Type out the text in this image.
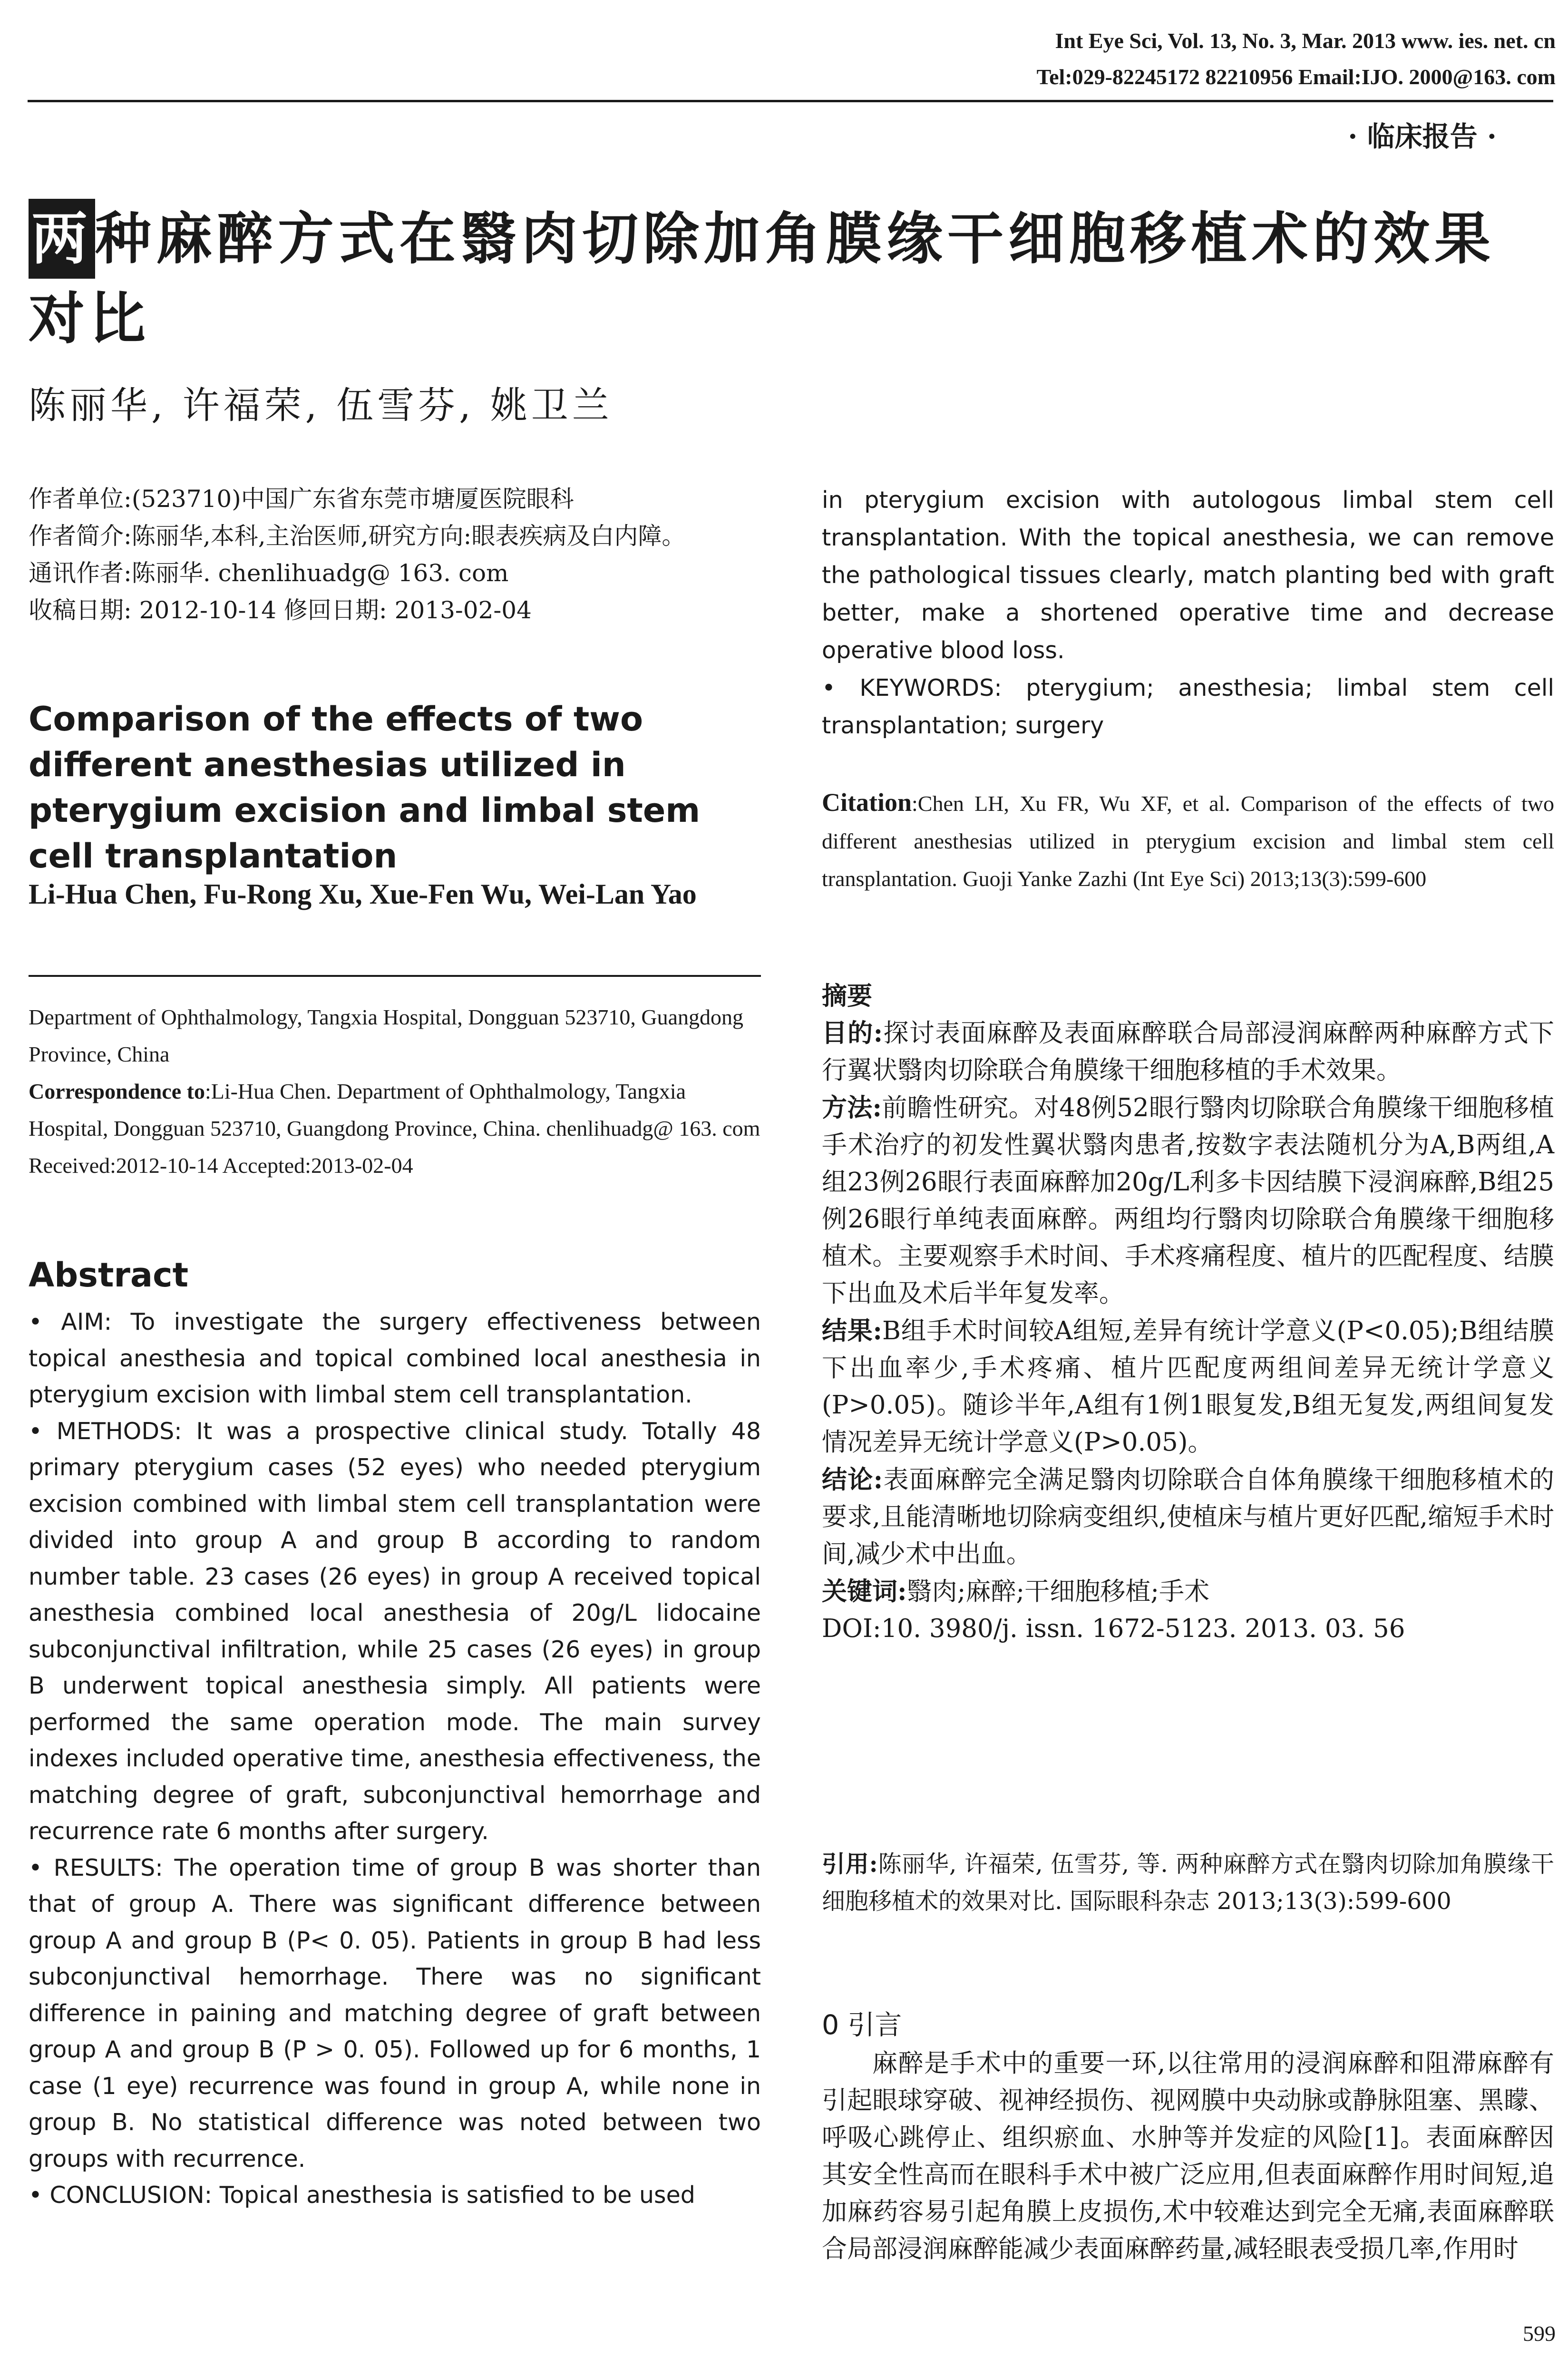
Int Eye Sci, Vol. 13, No. 3, Mar. 2013 www. ies. net. cn
Tel:029-82245172 82210956 Email:IJO. 2000@163. com
· 临床报告 ·
两种麻醉方式在翳肉切除加角膜缘干细胞移植术的效果对比
陈丽华, 许福荣, 伍雪芬, 姚卫兰

作者单位:(523710)中国广东省东莞市塘厦医院眼科

作者简介:陈丽华,本科,主治医师,研究方向:眼表疾病及白内障。

通讯作者:陈丽华. chenlihuadg@ 163. com

收稿日期: 2012-10-14 修回日期: 2013-02-04

Comparison of the effects of two different anesthesias utilized in pterygium excision and limbal stem cell transplantation
Li-Hua Chen, Fu-Rong Xu, Xue-Fen Wu, Wei-Lan Yao

Department of Ophthalmology, Tangxia Hospital, Dongguan 523710, Guangdong Province, China

Correspondence to:Li-Hua Chen. Department of Ophthalmology, Tangxia Hospital, Dongguan 523710, Guangdong Province, China. chenlihuadg@ 163. com

Received:2012-10-14 Accepted:2013-02-04

Abstract

• AIM: To investigate the surgery effectiveness between topical anesthesia and topical combined local anesthesia in pterygium excision with limbal stem cell transplantation.

• METHODS: It was a prospective clinical study. Totally 48 primary pterygium cases (52 eyes) who needed pterygium excision combined with limbal stem cell transplantation were divided into group A and group B according to random number table. 23 cases (26 eyes) in group A received topical anesthesia combined local anesthesia of 20g/L lidocaine subconjunctival infiltration, while 25 cases (26 eyes) in group B underwent topical anesthesia simply. All patients were performed the same operation mode. The main survey indexes included operative time, anesthesia effectiveness, the matching degree of graft, subconjunctival hemorrhage and recurrence rate 6 months after surgery.

• RESULTS: The operation time of group B was shorter than that of group A. There was significant difference between group A and group B (P< 0. 05). Patients in group B had less subconjunctival hemorrhage. There was no significant difference in paining and matching degree of graft between group A and group B (P > 0. 05). Followed up for 6 months, 1 case (1 eye) recurrence was found in group A, while none in group B. No statistical difference was noted between two groups with recurrence.

• CONCLUSION: Topical anesthesia is satisfied to be used

in pterygium excision with autologous limbal stem cell transplantation. With the topical anesthesia, we can remove the pathological tissues clearly, match planting bed with graft better, make a shortened operative time and decrease operative blood loss.

• KEYWORDS: pterygium; anesthesia; limbal stem cell transplantation; surgery

Citation:Chen LH, Xu FR, Wu XF, et al. Comparison of the effects of two different anesthesias utilized in pterygium excision and limbal stem cell transplantation. Guoji Yanke Zazhi (Int Eye Sci) 2013;13(3):599-600

摘要

目的:探讨表面麻醉及表面麻醉联合局部浸润麻醉两种麻醉方式下行翼状翳肉切除联合角膜缘干细胞移植的手术效果。

方法:前瞻性研究。对48例52眼行翳肉切除联合角膜缘干细胞移植手术治疗的初发性翼状翳肉患者,按数字表法随机分为A,B两组,A组23例26眼行表面麻醉加20g/L利多卡因结膜下浸润麻醉,B组25例26眼行单纯表面麻醉。两组均行翳肉切除联合角膜缘干细胞移植术。主要观察手术时间、手术疼痛程度、植片的匹配程度、结膜下出血及术后半年复发率。

结果:B组手术时间较A组短,差异有统计学意义(P<0.05);B组结膜下出血率少,手术疼痛、植片匹配度两组间差异无统计学意义(P>0.05)。随诊半年,A组有1例1眼复发,B组无复发,两组间复发情况差异无统计学意义(P>0.05)。

结论:表面麻醉完全满足翳肉切除联合自体角膜缘干细胞移植术的要求,且能清晰地切除病变组织,使植床与植片更好匹配,缩短手术时间,减少术中出血。

关键词:翳肉;麻醉;干细胞移植;手术

DOI:10. 3980/j. issn. 1672-5123. 2013. 03. 56

引用:陈丽华, 许福荣, 伍雪芬, 等. 两种麻醉方式在翳肉切除加角膜缘干细胞移植术的效果对比. 国际眼科杂志 2013;13(3):599-600
0 引言
麻醉是手术中的重要一环,以往常用的浸润麻醉和阻滞麻醉有引起眼球穿破、视神经损伤、视网膜中央动脉或静脉阻塞、黑矇、呼吸心跳停止、组织瘀血、水肿等并发症的风险[1]。表面麻醉因其安全性高而在眼科手术中被广泛应用,但表面麻醉作用时间短,追加麻药容易引起角膜上皮损伤,术中较难达到完全无痛,表面麻醉联合局部浸润麻醉能减少表面麻醉药量,减轻眼表受损几率,作用时
599
